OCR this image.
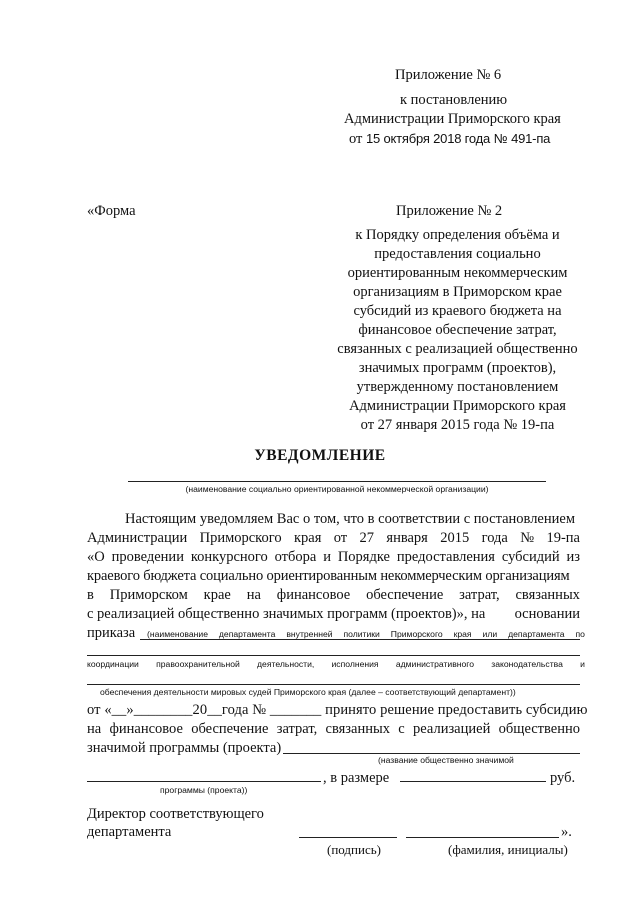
Приложение № 6
к постановлению
Администрации Приморского края
от 15 октября 2018 года № 491-па
«Форма	Приложение № 2
к Порядку определения объёма и
предоставления социально
ориентированным некоммерческим
организациям в Приморском крае
субсидий из краевого бюджета на
финансовое обеспечение затрат,
связанных с реализацией общественно
значимых программ (проектов),
утвержденному постановлением
Администрации Приморского края
от 27 января 2015 года № 19-па
УВЕДОМЛЕНИЕ
(наименование социально ориентированной некоммерческой организации)
Настоящим уведомляем Вас о том, что в соответствии с постановлением
Администрации Приморского края от 27 января 2015 года № 19-па
«О проведении конкурсного отбора и Порядке предоставления субсидий из
краевого бюджета социально ориентированным некоммерческим организациям
в Приморском крае на финансовое обеспечение затрат, связанных
с реализацией общественно значимых программ (проектов)», на основании
приказа (наименование департамента внутренней политики Приморского края или департамента по
координации правоохранительной деятельности, исполнения административного законодательства и
обеспечения деятельности мировых судей Приморского края (далее – соответствующий департамент))
от «__»________20__года № _______ принято решение предоставить субсидию
на финансовое обеспечение затрат, связанных с реализацией общественно
значимой программы (проекта)
(название общественно значимой
, в размере	руб.
программы (проекта))
Директор соответствующего
департамента	».
(подпись)	(фамилия, инициалы)
